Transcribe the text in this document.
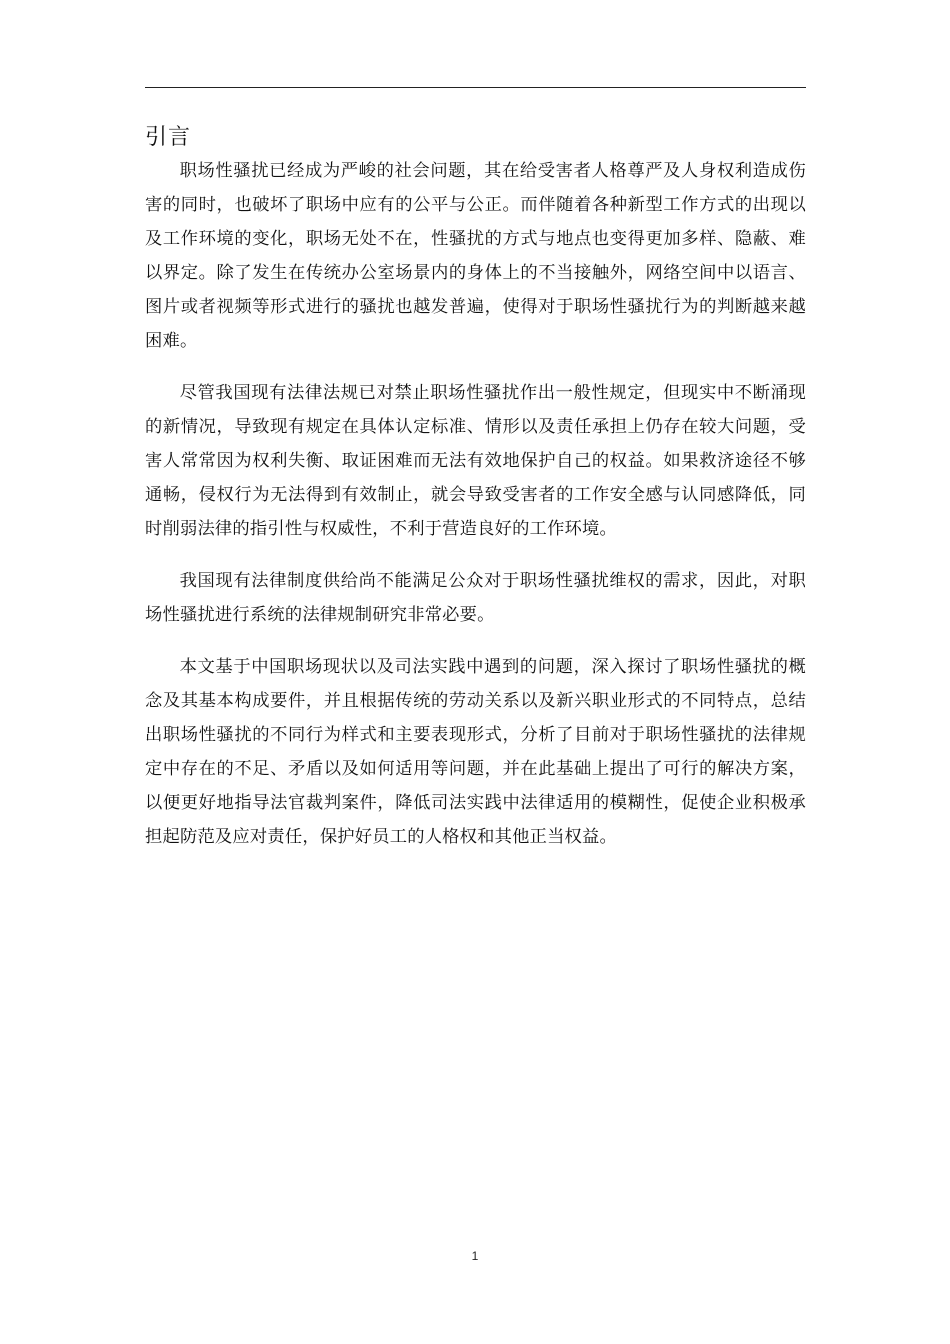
引言

职场性骚扰已经成为严峻的社会问题，其在给受害者人格尊严及人身权利造成伤害的同时，也破坏了职场中应有的公平与公正。而伴随着各种新型工作方式的出现以及工作环境的变化，职场无处不在，性骚扰的方式与地点也变得更加多样、隐蔽、难以界定。除了发生在传统办公室场景内的身体上的不当接触外，网络空间中以语言、图片或者视频等形式进行的骚扰也越发普遍，使得对于职场性骚扰行为的判断越来越困难。

尽管我国现有法律法规已对禁止职场性骚扰作出一般性规定，但现实中不断涌现的新情况，导致现有规定在具体认定标准、情形以及责任承担上仍存在较大问题，受害人常常因为权利失衡、取证困难而无法有效地保护自己的权益。如果救济途径不够通畅，侵权行为无法得到有效制止，就会导致受害者的工作安全感与认同感降低，同时削弱法律的指引性与权威性，不利于营造良好的工作环境。

我国现有法律制度供给尚不能满足公众对于职场性骚扰维权的需求，因此，对职场性骚扰进行系统的法律规制研究非常必要。

本文基于中国职场现状以及司法实践中遇到的问题，深入探讨了职场性骚扰的概念及其基本构成要件，并且根据传统的劳动关系以及新兴职业形式的不同特点，总结出职场性骚扰的不同行为样式和主要表现形式，分析了目前对于职场性骚扰的法律规定中存在的不足、矛盾以及如何适用等问题，并在此基础上提出了可行的解决方案，以便更好地指导法官裁判案件，降低司法实践中法律适用的模糊性，促使企业积极承担起防范及应对责任，保护好员工的人格权和其他正当权益。

1
